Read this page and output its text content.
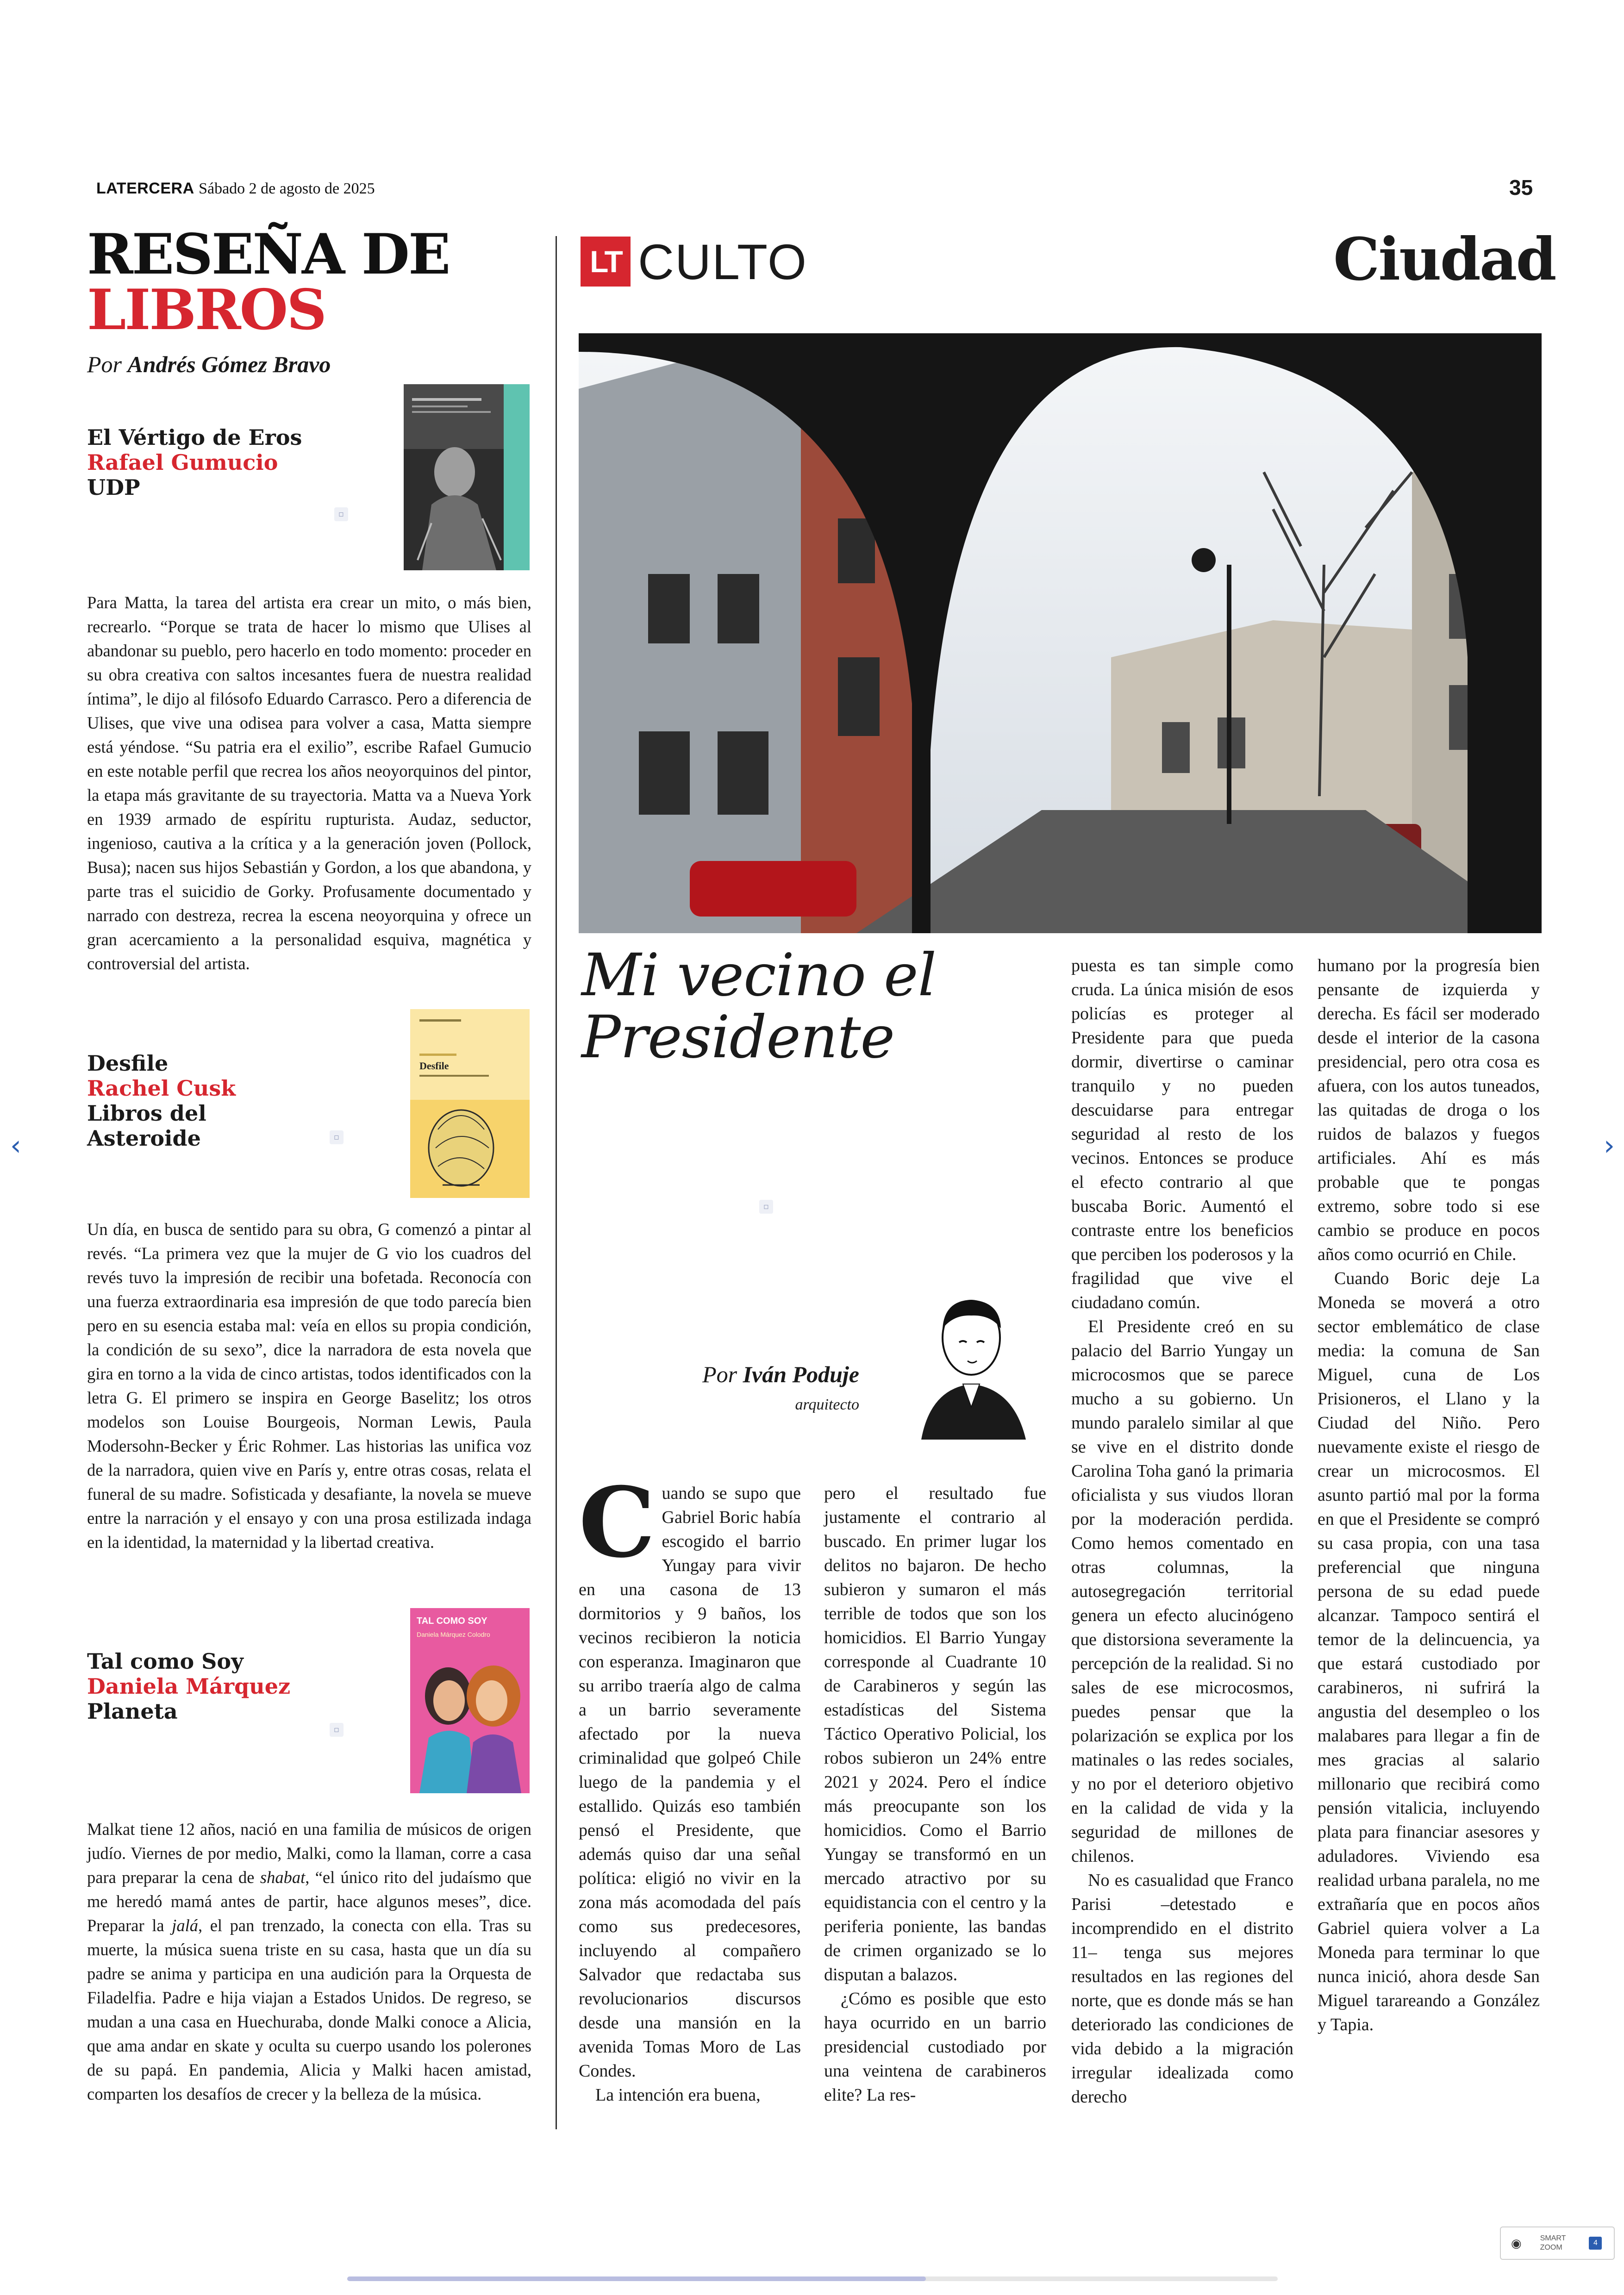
‹	›
LATERCERA Sábado 2 de agosto de 2025	35
RESEÑA DE
LIBROS
Por Andrés Gómez Bravo
El Vértigo de Eros
Rafael Gumucio
UDP
▫
Para Matta, la tarea del artista era crear un mito, o más bien, recrearlo. “Porque se trata de hacer lo mismo que Ulises al abandonar su pueblo, pero hacerlo en todo momento: proceder en su obra creativa con saltos incesantes fuera de nuestra realidad íntima”, le dijo al filósofo Eduardo Carrasco. Pero a diferencia de Ulises, que vive una odisea para volver a casa, Matta siempre está yéndose. “Su patria era el exilio”, escribe Rafael Gumucio en este notable perfil que recrea los años neoyorquinos del pintor, la etapa más gravitante de su trayectoria. Matta va a Nueva York en 1939 armado de espíritu rupturista. Audaz, seductor, ingenioso, cautiva a la crítica y a la generación joven (Pollock, Busa); nacen sus hijos Sebastián y Gordon, a los que abandona, y parte tras el suicidio de Gorky. Profusamente documentado y narrado con destreza, recrea la escena neoyorquina y ofrece un gran acercamiento a la personalidad esquiva, magnética y controversial del artista.
Desfile
Rachel Cusk
Libros del
Asteroide	▫
Desfile
Un día, en busca de sentido para su obra, G comenzó a pintar al revés. “La primera vez que la mujer de G vio los cuadros del revés tuvo la impresión de recibir una bofetada. Reconocía con una fuerza extraordinaria esa impresión de que todo parecía bien pero en su esencia estaba mal: veía en ellos su propia condición, la condición de su sexo”, dice la narradora de esta novela que gira en torno a la vida de cinco artistas, todos identificados con la letra G. El primero se inspira en George Baselitz; los otros modelos son Louise Bourgeois, Norman Lewis, Paula Modersohn-Becker y Éric Rohmer. Las historias las unifica voz de la narradora, quien vive en París y, entre otras cosas, relata el funeral de su madre. Sofisticada y desafiante, la novela se mueve entre la narración y el ensayo y con una prosa estilizada indaga en la identidad, la maternidad y la libertad creativa.
Tal como Soy
Daniela Márquez
Planeta
▫
TAL COMO SOY
Daniela Márquez Colodro
Malkat tiene 12 años, nació en una familia de músicos de origen judío. Viernes de por medio, Malki, como la llaman, corre a casa para preparar la cena de shabat, “el único rito del judaísmo que me heredó mamá antes de partir, hace algunos meses”, dice. Preparar la jalá, el pan trenzado, la conecta con ella. Tras su muerte, la música suena triste en su casa, hasta que un día su padre se anima y participa en una audición para la Orquesta de Filadelfia. Padre e hija viajan a Estados Unidos. De regreso, se mudan a una casa en Huechuraba, donde Malki conoce a Alicia, que ama andar en skate y oculta su cuerpo usando los polerones de su papá. En pandemia, Alicia y Malki hacen amistad, comparten los desafíos de crecer y la belleza de la música.
LT CULTO	Ciudad
Mi vecino el
Presidente
▫
Por Iván Poduje
arquitecto
Cuando se supo que Gabriel Boric había escogido el barrio Yungay para vivir en una casona de 13 dormitorios y 9 baños, los vecinos recibieron la noticia con esperanza. Imaginaron que su arribo traería algo de calma a un barrio severamente afectado por la nueva criminalidad que golpeó Chile luego de la pandemia y el estallido. Quizás eso también pensó el Presidente, que además quiso dar una señal política: eligió no vivir en la zona más acomodada del país como sus predecesores, incluyendo al compañero Salvador que redactaba sus revolucionarios discursos desde una mansión en la avenida Tomas Moro de Las Condes.
La intención era buena,
pero el resultado fue justamente el contrario al buscado. En primer lugar los delitos no bajaron. De hecho subieron y sumaron el más terrible de todos que son los homicidios. El Barrio Yungay corresponde al Cuadrante 10 de Carabineros y según las estadísticas del Sistema Táctico Operativo Policial, los robos subieron un 24% entre 2021 y 2024. Pero el índice más preocupante son los homicidios. Como el Barrio Yungay se transformó en un mercado atractivo por su equidistancia con el centro y la periferia poniente, las bandas de crimen organizado se lo disputan a balazos.
¿Cómo es posible que esto haya ocurrido en un barrio presidencial custodiado por una veintena de carabineros elite? La res-
puesta es tan simple como cruda. La única misión de esos policías es proteger al Presidente para que pueda dormir, divertirse o caminar tranquilo y no pueden descuidarse para entregar seguridad al resto de los vecinos. Entonces se produce el efecto contrario al que buscaba Boric. Aumentó el contraste entre los beneficios que perciben los poderosos y la fragilidad que vive el ciudadano común.
El Presidente creó en su palacio del Barrio Yungay un microcosmos que se parece mucho a su gobierno. Un mundo paralelo similar al que se vive en el distrito donde Carolina Toha ganó la primaria oficialista y sus viudos lloran por la moderación perdida. Como hemos comentado en otras columnas, la autosegregación territorial genera un efecto alucinógeno que distorsiona severamente la percepción de la realidad. Si no sales de ese microcosmos, puedes pensar que la polarización se explica por los matinales o las redes sociales, y no por el deterioro objetivo en la calidad de vida y la seguridad de millones de chilenos.
No es casualidad que Franco Parisi –detestado e incomprendido en el distrito 11– tenga sus mejores resultados en las regiones del norte, que es donde más se han deteriorado las condiciones de vida debido a la migración irregular idealizada como derecho
humano por la progresía bien pensante de izquierda y derecha. Es fácil ser moderado desde el interior de la casona presidencial, pero otra cosa es afuera, con los autos tuneados, las quitadas de droga o los ruidos de balazos y fuegos artificiales. Ahí es más probable que te pongas extremo, sobre todo si ese cambio se produce en pocos años como ocurrió en Chile.
Cuando Boric deje La Moneda se moverá a otro sector emblemático de clase media: la comuna de San Miguel, cuna de Los Prisioneros, el Llano y la Ciudad del Niño. Pero nuevamente existe el riesgo de crear un microcosmos. El asunto partió mal por la forma en que el Presidente se compró su casa propia, con una tasa preferencial que ninguna persona de su edad puede alcanzar. Tampoco sentirá el temor de la delincuencia, ya que estará custodiado por carabineros, ni sufrirá la angustia del desempleo o los malabares para llegar a fin de mes gracias al salario millonario que recibirá como pensión vitalicia, incluyendo plata para financiar asesores y aduladores. Viviendo esa realidad urbana paralela, no me extrañaría que en pocos años Gabriel quiera volver a La Moneda para terminar lo que nunca inició, ahora desde San Miguel tarareando a González y Tapia.
◉	SMART
ZOOM
4
